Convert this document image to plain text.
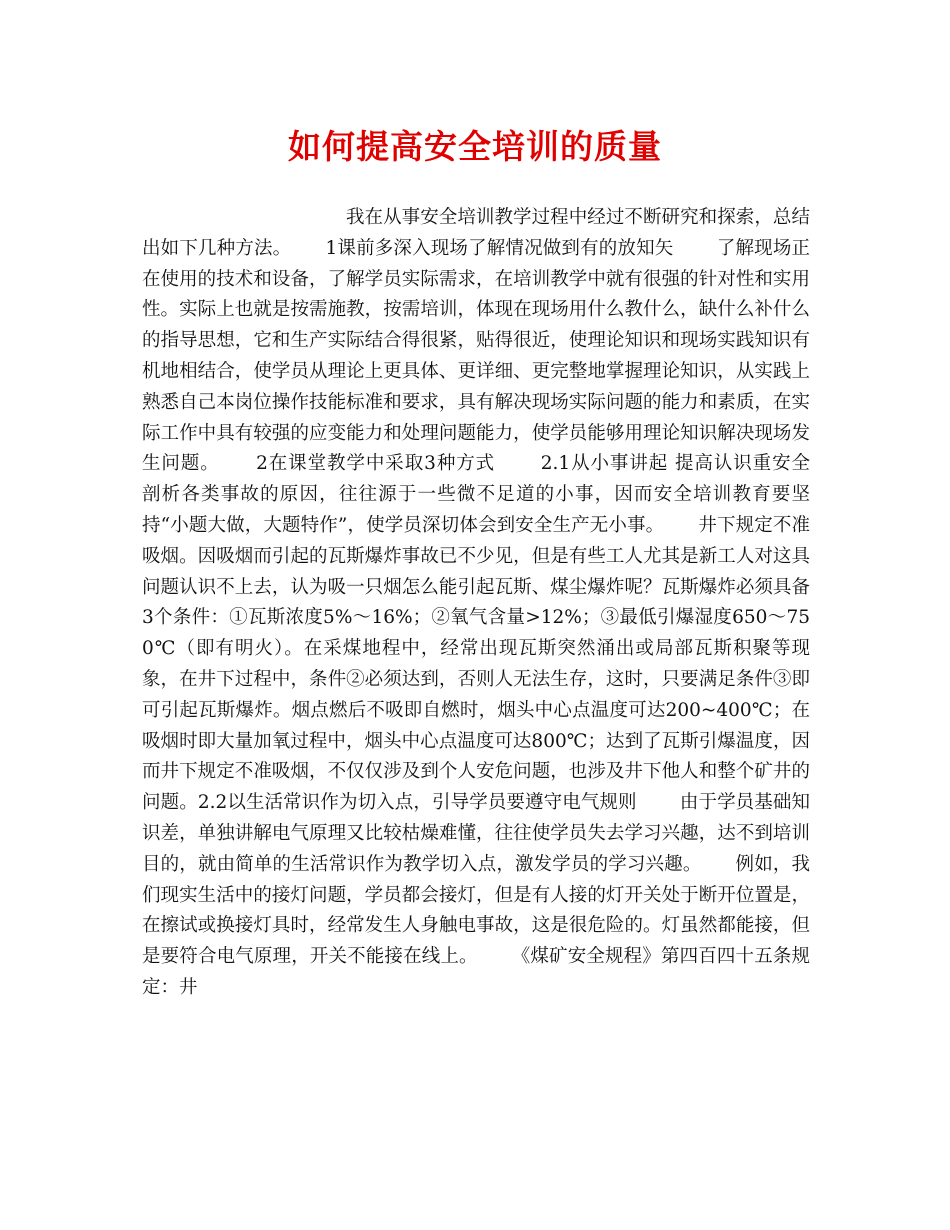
如何提高安全培训的质量
我在从事安全培训教学过程中经过不断研究和探索，总结出如下几种方法。　　 1课前多深入现场了解情况做到有的放知矢　　 了解现场正在使用的技术和设备，了解学员实际需求，在培训教学中就有很强的针对性和实用性。实际上也就是按需施教，按需培训，体现在现场用什么教什么，缺什么补什么的指导思想，它和生产实际结合得很紧，贴得很近，使理论知识和现场实践知识有机地相结合，使学员从理论上更具体、更详细、更完整地掌握理论知识，从实践上熟悉自己本岗位操作技能标准和要求，具有解决现场实际问题的能力和素质，在实际工作中具有较强的应变能力和处理问题能力，使学员能够用理论知识解决现场发生问题。　　 2在课堂教学中采取3种方式　　 2.1从小事讲起 提高认识重安全　剖析各类事故的原因，往往源于一些微不足道的小事，因而安全培训教育要坚持“小题大做，大题特作”，使学员深切体会到安全生产无小事。　　 井下规定不准吸烟。因吸烟而引起的瓦斯爆炸事故已不少见，但是有些工人尤其是新工人对这具问题认识不上去，认为吸一只烟怎么能引起瓦斯、煤尘爆炸呢？瓦斯爆炸必须具备3个条件：①瓦斯浓度5%～16%；②氧气含量>12%；③最低引爆湿度650～750℃（即有明火）。在采煤地程中，经常出现瓦斯突然涌出或局部瓦斯积聚等现象，在井下过程中，条件②必须达到，否则人无法生存，这时，只要满足条件③即可引起瓦斯爆炸。烟点燃后不吸即自燃时，烟头中心点温度可达200~400℃；在吸烟时即大量加氧过程中，烟头中心点温度可达800℃；达到了瓦斯引爆温度，因而井下规定不准吸烟，不仅仅涉及到个人安危问题，也涉及井下他人和整个矿井的问题。2.2以生活常识作为切入点，引导学员要遵守电气规则　　 由于学员基础知识差，单独讲解电气原理又比较枯燥难懂，往往使学员失去学习兴趣，达不到培训目的，就由简单的生活常识作为教学切入点，激发学员的学习兴趣。　　 例如，我们现实生活中的接灯问题，学员都会接灯，但是有人接的灯开关处于断开位置是，在擦试或换接灯具时，经常发生人身触电事故，这是很危险的。灯虽然都能接，但是要符合电气原理，开关不能接在线上。　　 《煤矿安全规程》第四百四十五条规定：井
